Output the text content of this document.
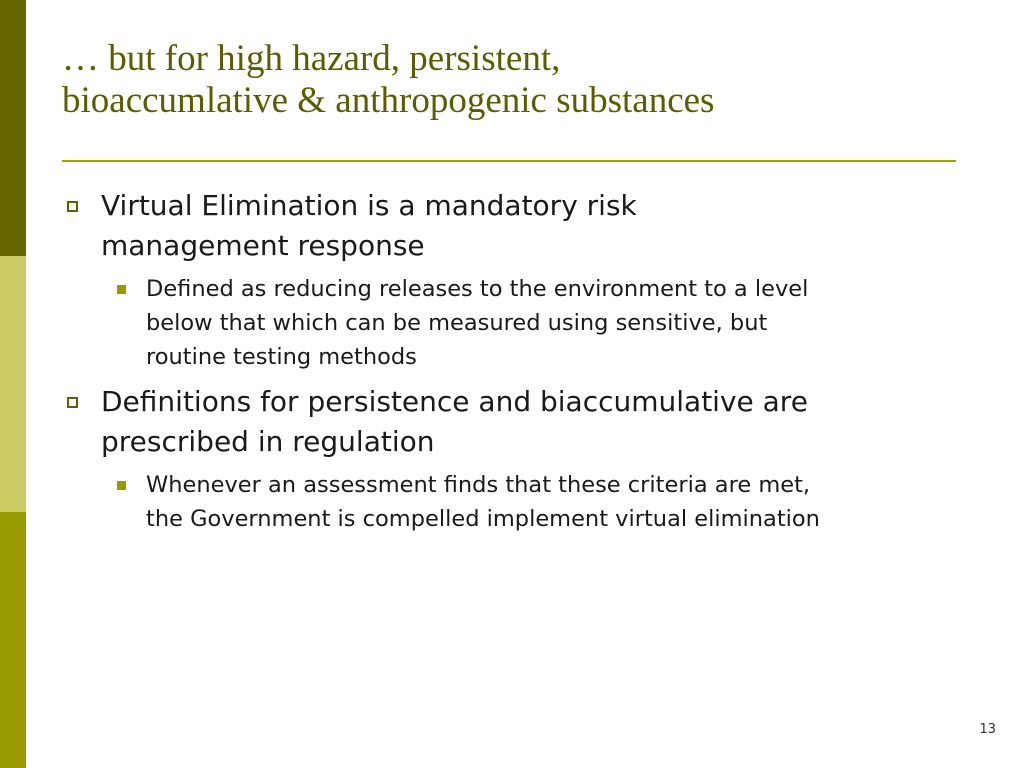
… but for high hazard, persistent,
bioaccumlative & anthropogenic substances
Virtual Elimination is a mandatory risk
management response
Defined as reducing releases to the environment to a level
below that which can be measured using sensitive, but
routine testing methods
Definitions for persistence and biaccumulative are
prescribed in regulation
Whenever an assessment finds that these criteria are met,
the Government is compelled implement virtual elimination
13
